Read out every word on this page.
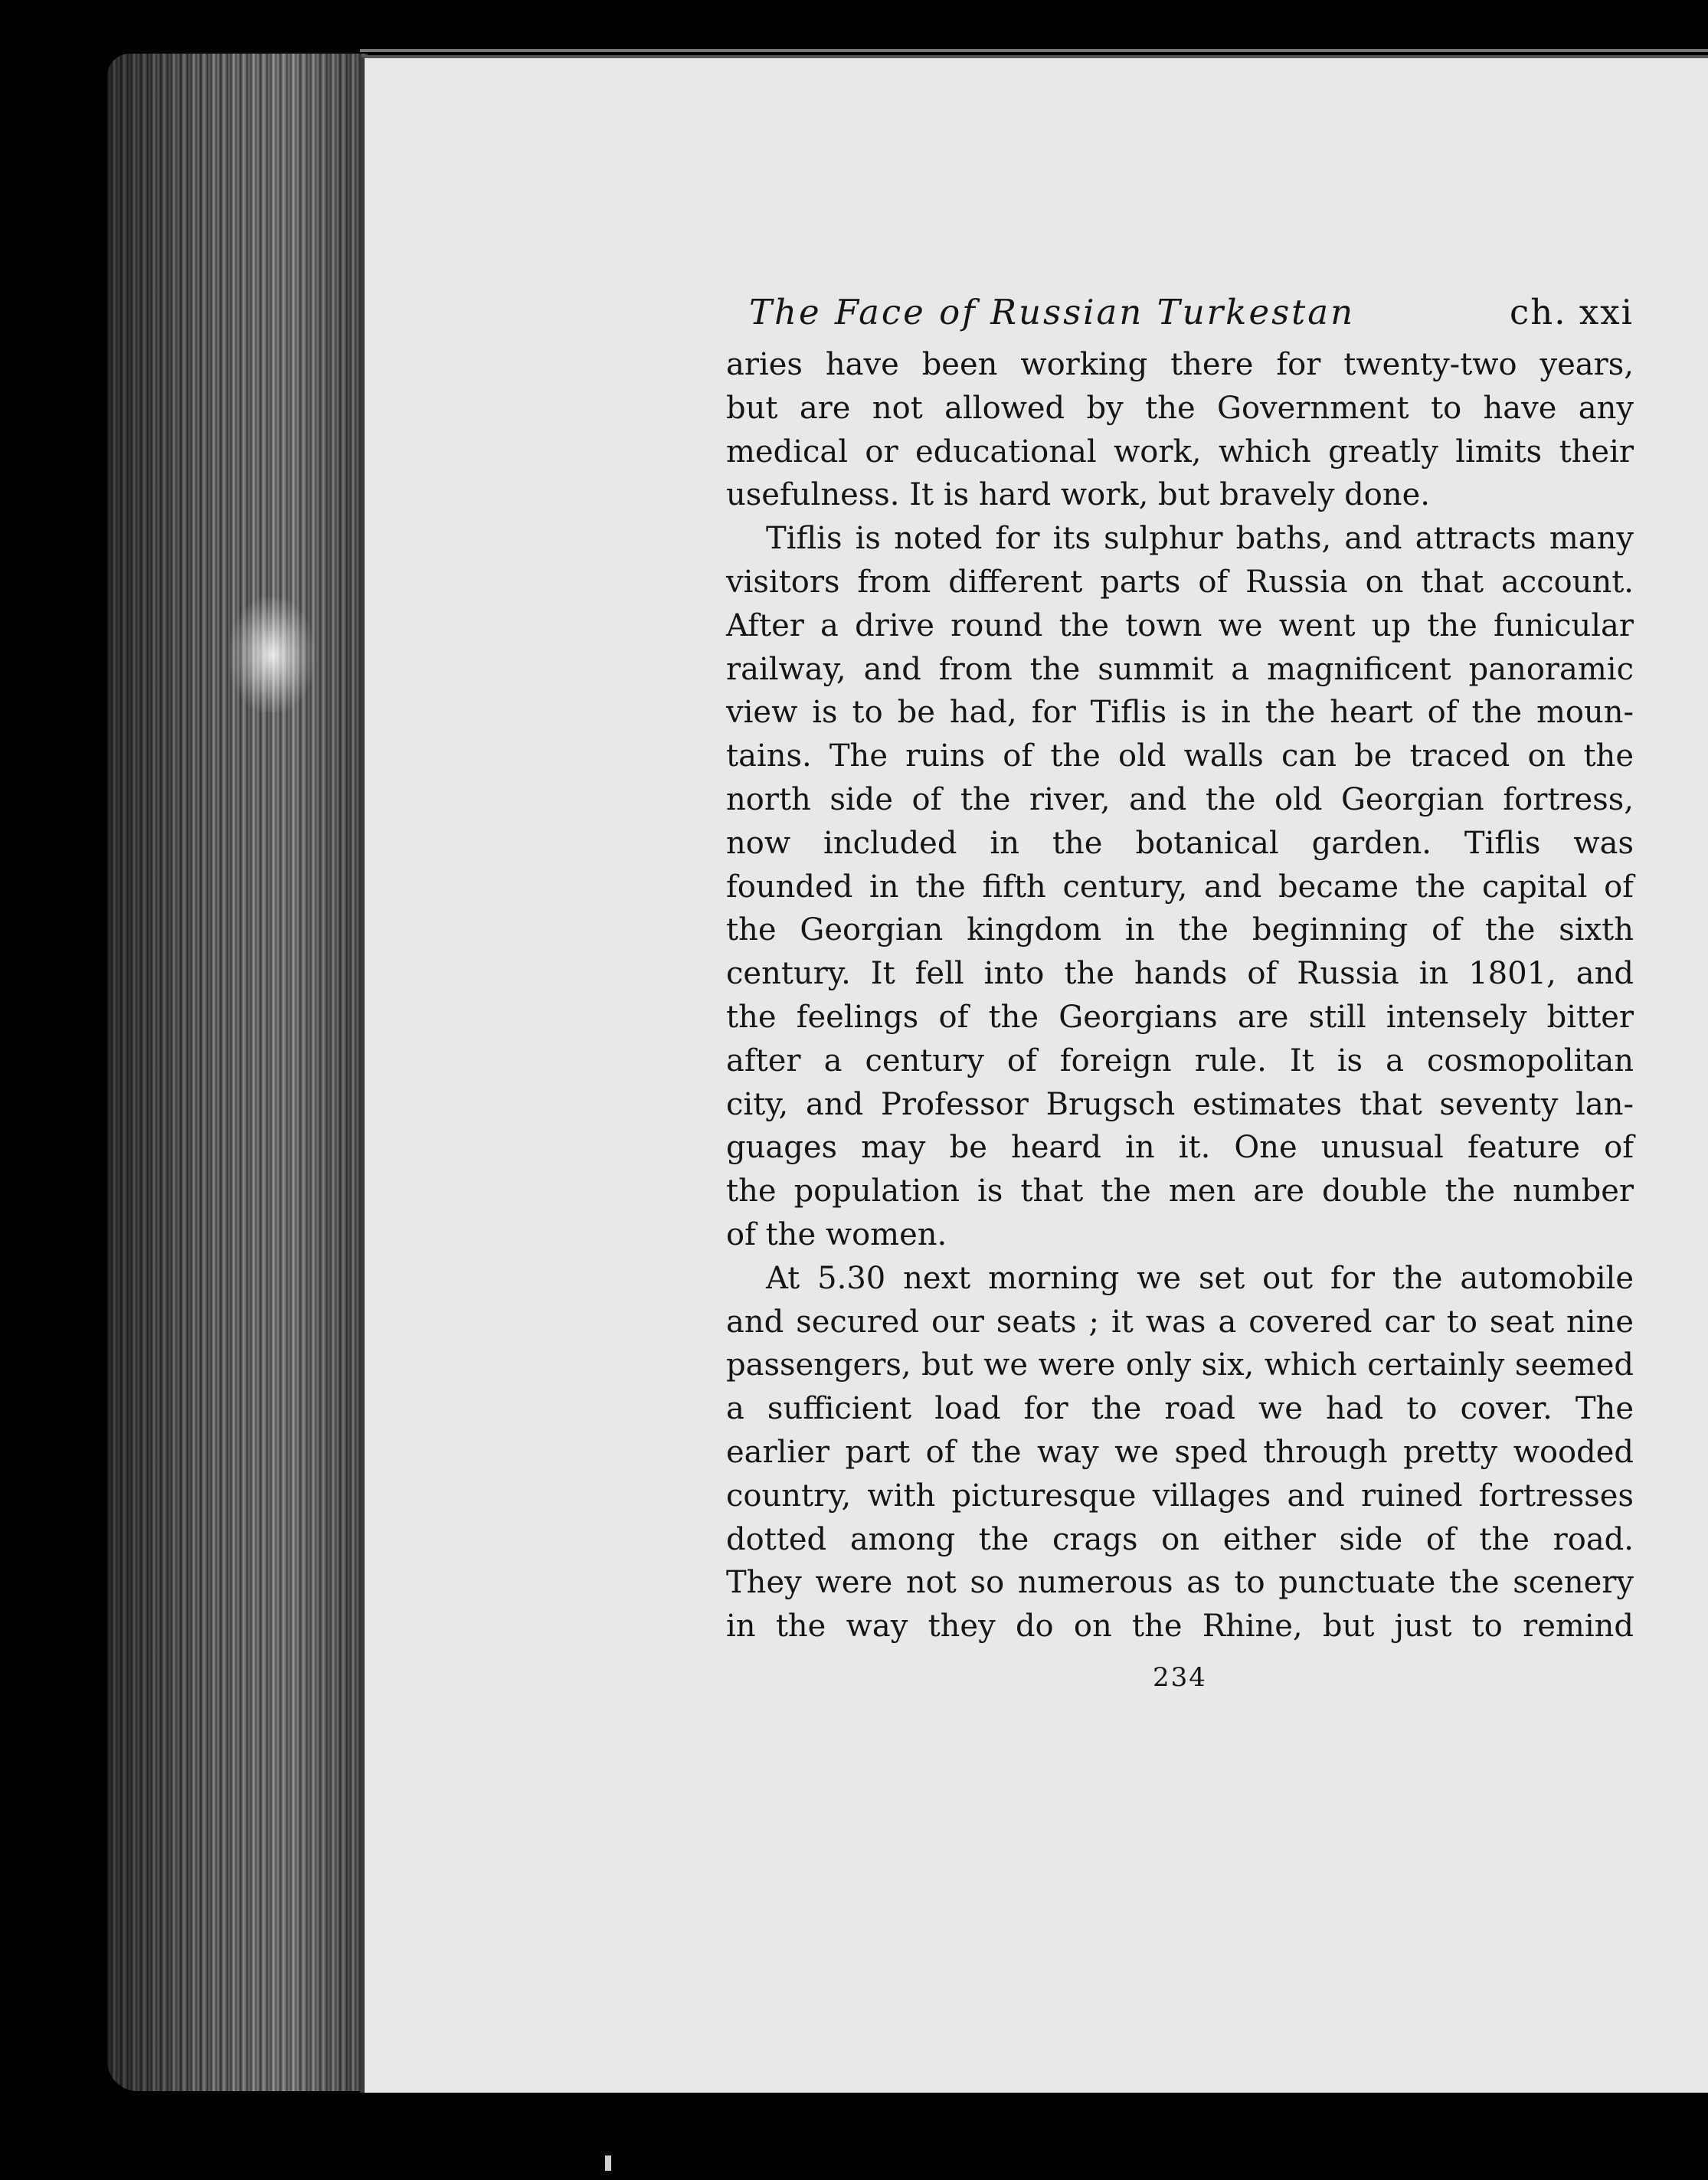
The Face of Russian Turkestan	ch. xxi
aries have been working there for twenty-two years,
but are not allowed by the Government to have any
medical or educational work, which greatly limits their
usefulness. It is hard work, but bravely done.
Tiflis is noted for its sulphur baths, and attracts many
visitors from different parts of Russia on that account.
After a drive round the town we went up the funicular
railway, and from the summit a magnificent panoramic
view is to be had, for Tiflis is in the heart of the moun-
tains. The ruins of the old walls can be traced on the
north side of the river, and the old Georgian fortress,
now included in the botanical garden. Tiflis was
founded in the fifth century, and became the capital of
the Georgian kingdom in the beginning of the sixth
century. It fell into the hands of Russia in 1801, and
the feelings of the Georgians are still intensely bitter
after a century of foreign rule. It is a cosmopolitan
city, and Professor Brugsch estimates that seventy lan-
guages may be heard in it. One unusual feature of
the population is that the men are double the number
of the women.
At 5.30 next morning we set out for the automobile
and secured our seats ; it was a covered car to seat nine
passengers, but we were only six, which certainly seemed
a sufficient load for the road we had to cover. The
earlier part of the way we sped through pretty wooded
country, with picturesque villages and ruined fortresses
dotted among the crags on either side of the road.
They were not so numerous as to punctuate the scenery
in the way they do on the Rhine, but just to remind
234
